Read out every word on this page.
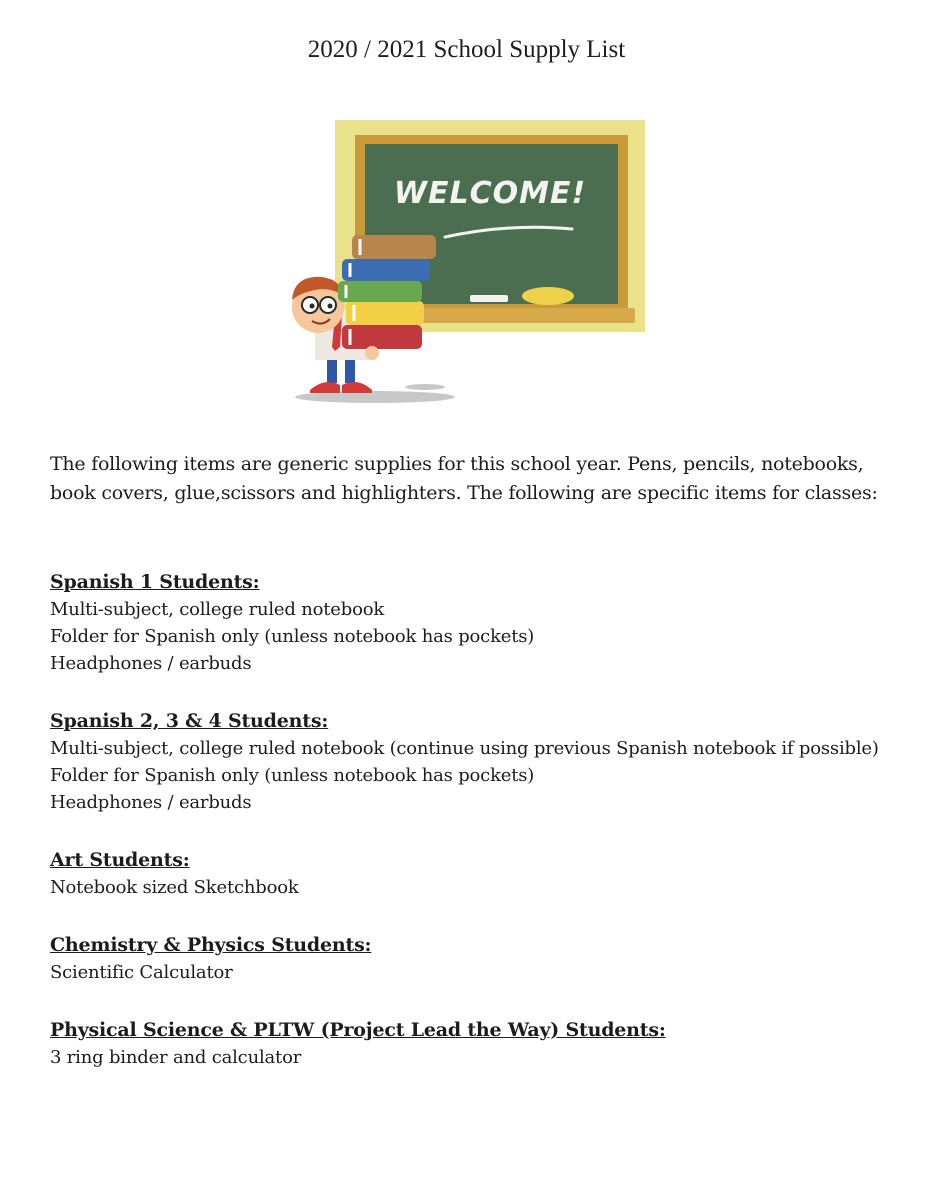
2020 / 2021 School Supply List
WELCOME!

The following items are generic supplies for this school year. Pens, pencils, notebooks, book covers, glue,scissors and highlighters. The following are specific items for classes:

Spanish 1 Students:
Multi-subject, college ruled notebook
Folder for Spanish only (unless notebook has pockets)
Headphones / earbuds
Spanish 2, 3 & 4 Students:
Multi-subject, college ruled notebook (continue using previous Spanish notebook if possible)
Folder for Spanish only (unless notebook has pockets)
Headphones / earbuds
Art Students:
Notebook sized Sketchbook
Chemistry & Physics Students:
Scientific Calculator
Physical Science & PLTW (Project Lead the Way) Students:
3 ring binder and calculator
